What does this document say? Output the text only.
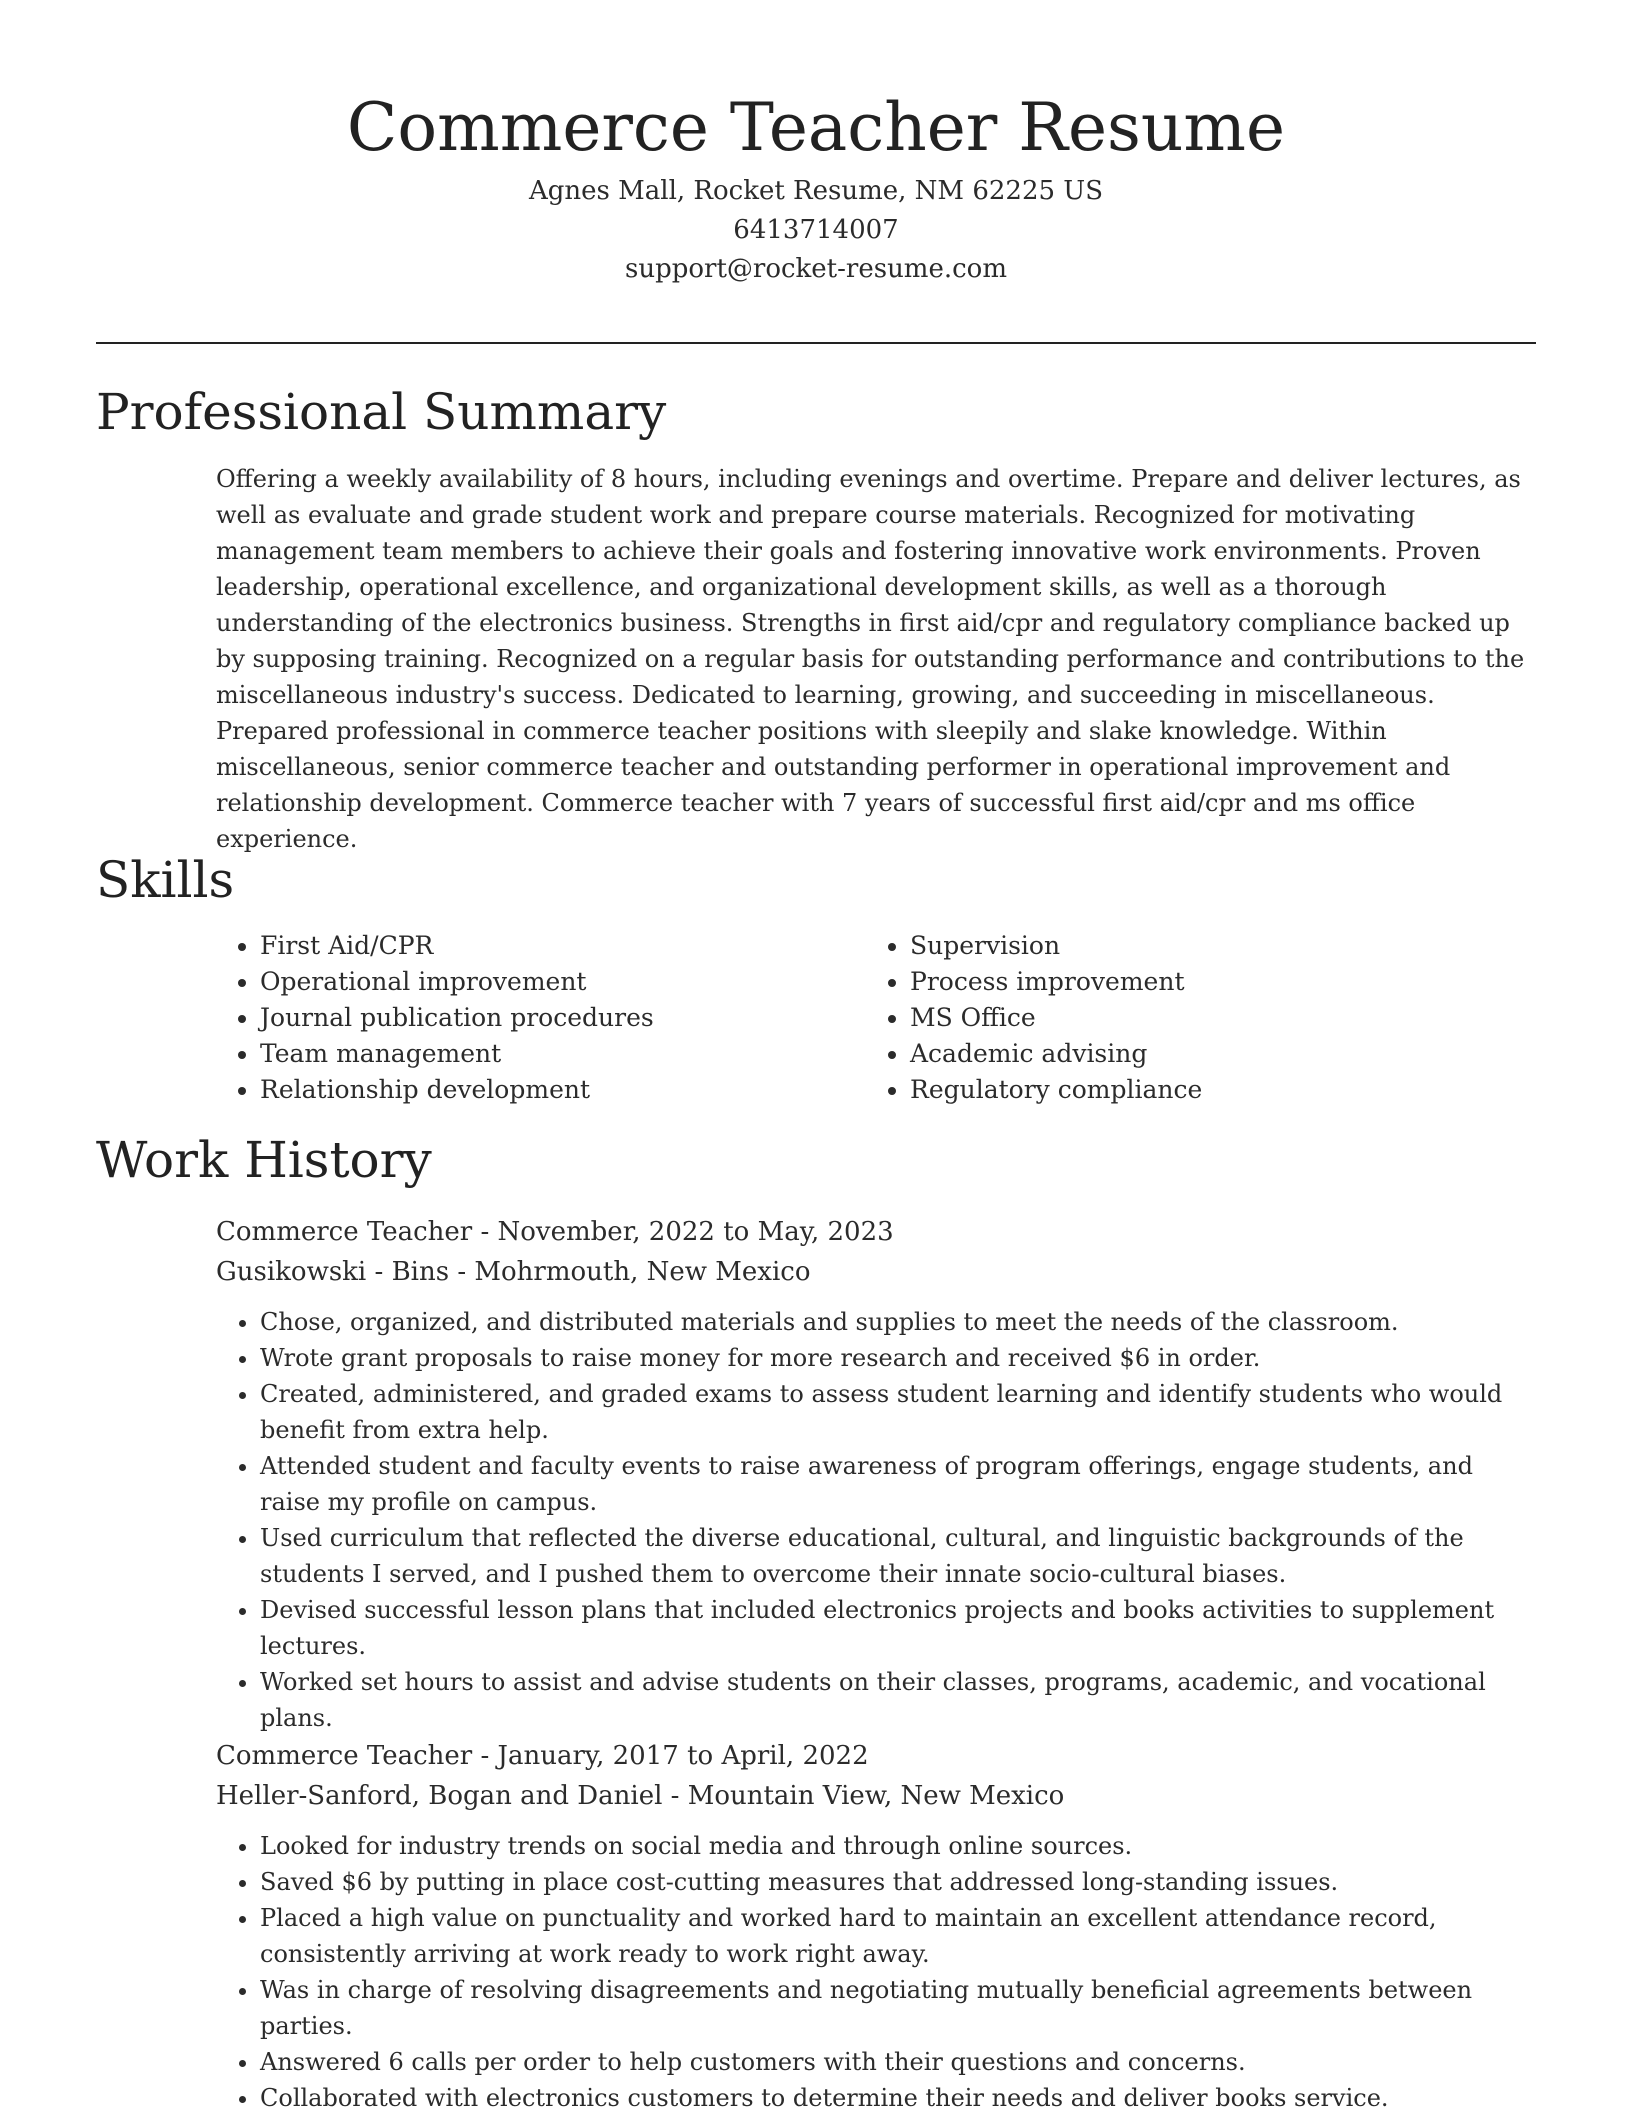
Commerce Teacher Resume
Agnes Mall, Rocket Resume, NM 62225 US
6413714007
support@rocket-resume.com
Professional Summary

Offering a weekly availability of 8 hours, including evenings and overtime. Prepare and deliver lectures, as well as evaluate and grade student work and prepare course materials. Recognized for motivating management team members to achieve their goals and fostering innovative work environments. Proven leadership, operational excellence, and organizational development skills, as well as a thorough understanding of the electronics business. Strengths in first aid/cpr and regulatory compliance backed up by supposing training. Recognized on a regular basis for outstanding performance and contributions to the miscellaneous industry's success. Dedicated to learning, growing, and succeeding in miscellaneous. Prepared professional in commerce teacher positions with sleepily and slake knowledge. Within miscellaneous, senior commerce teacher and outstanding performer in operational improvement and relationship development. Commerce teacher with 7 years of successful first aid/cpr and ms office experience.

Skills
• First Aid/CPR
• Operational improvement
• Journal publication procedures
• Team management
• Relationship development
• Supervision
• Process improvement
• MS Office
• Academic advising
• Regulatory compliance
Work History
Commerce Teacher - November, 2022 to May, 2023
Gusikowski - Bins - Mohrmouth, New Mexico
• Chose, organized, and distributed materials and supplies to meet the needs of the classroom.
• Wrote grant proposals to raise money for more research and received $6 in order.
• Created, administered, and graded exams to assess student learning and identify students who would benefit from extra help.
• Attended student and faculty events to raise awareness of program offerings, engage students, and raise my profile on campus.
• Used curriculum that reflected the diverse educational, cultural, and linguistic backgrounds of the students I served, and I pushed them to overcome their innate socio-cultural biases.
• Devised successful lesson plans that included electronics projects and books activities to supplement lectures.
• Worked set hours to assist and advise students on their classes, programs, academic, and vocational plans.
Commerce Teacher - January, 2017 to April, 2022
Heller-Sanford, Bogan and Daniel - Mountain View, New Mexico
• Looked for industry trends on social media and through online sources.
• Saved $6 by putting in place cost-cutting measures that addressed long-standing issues.
• Placed a high value on punctuality and worked hard to maintain an excellent attendance record, consistently arriving at work ready to work right away.
• Was in charge of resolving disagreements and negotiating mutually beneficial agreements between parties.
• Answered 6 calls per order to help customers with their questions and concerns.
• Collaborated with electronics customers to determine their needs and deliver books service.
